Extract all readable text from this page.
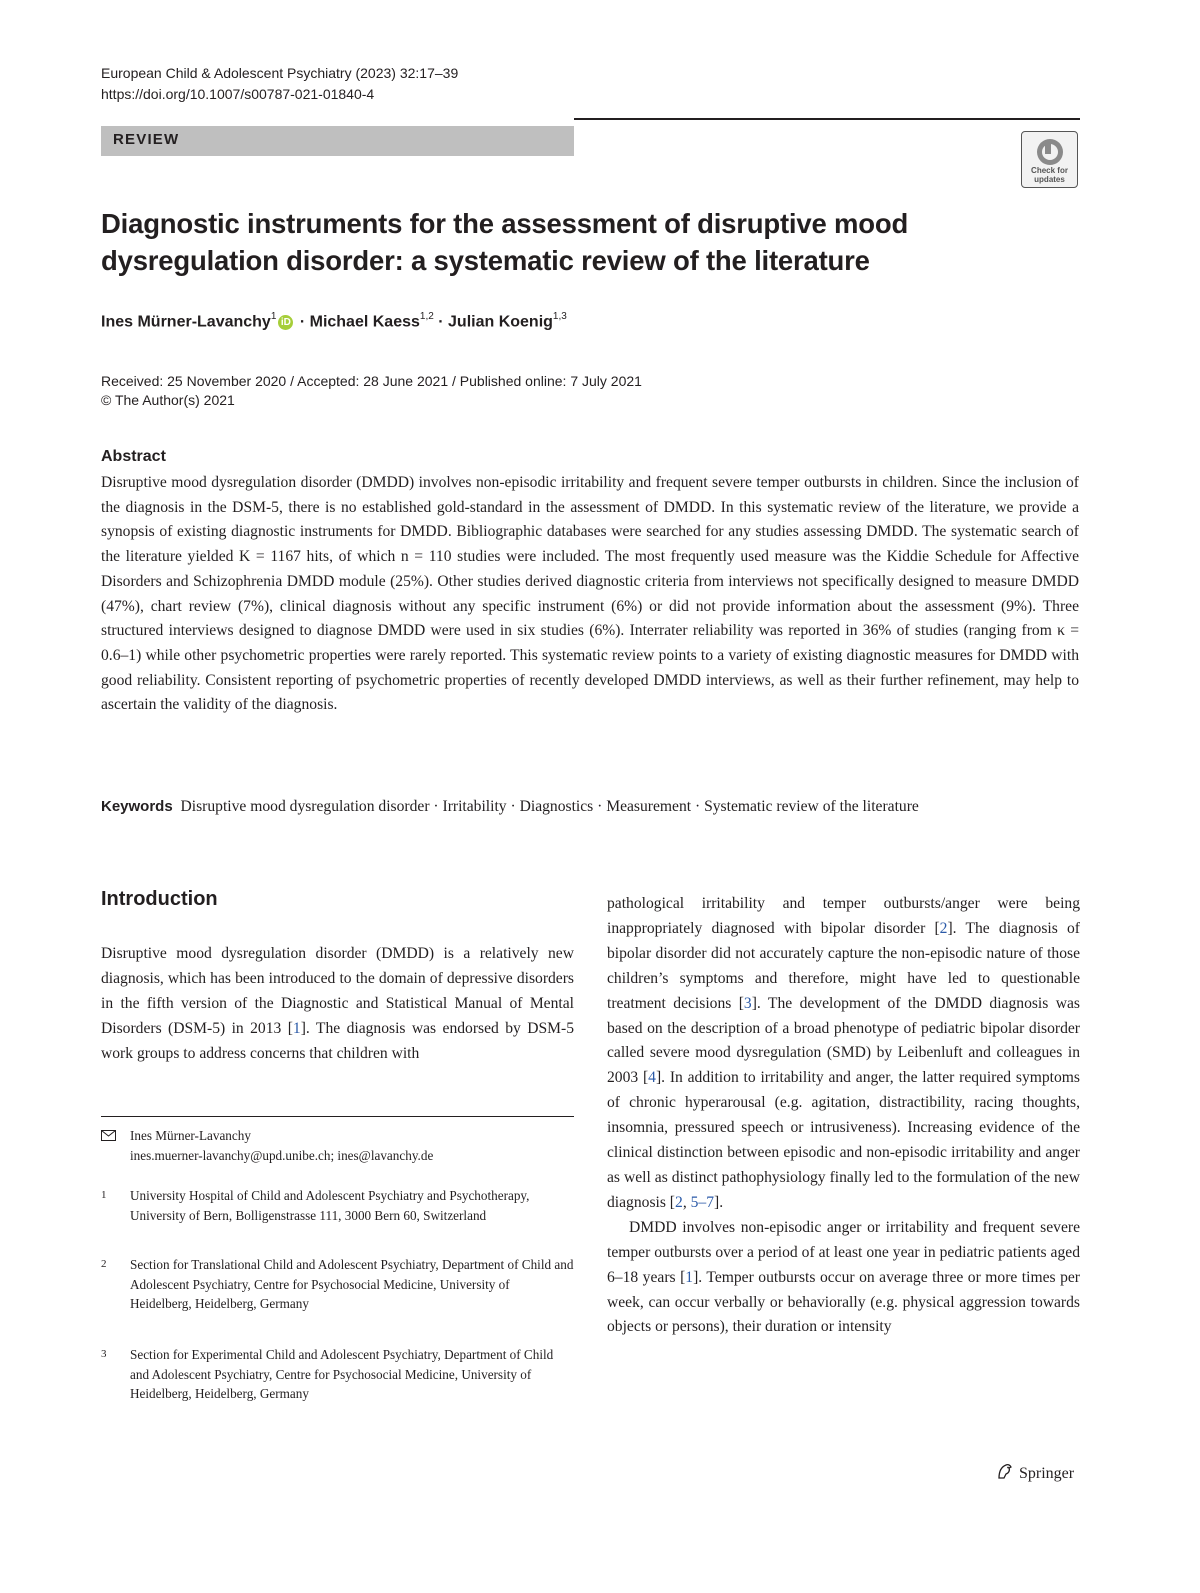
European Child & Adolescent Psychiatry (2023) 32:17–39
https://doi.org/10.1007/s00787-021-01840-4
REVIEW
Check for updates
Diagnostic instruments for the assessment of disruptive mood dysregulation disorder: a systematic review of the literature
Ines Mürner-Lavanchy$^1$iD · Michael Kaess$^{1,2}$ · Julian Koenig$^{1,3}$
Received: 25 November 2020 / Accepted: 28 June 2021 / Published online: 7 July 2021
© The Author(s) 2021
Abstract
Disruptive mood dysregulation disorder (DMDD) involves non-episodic irritability and frequent severe temper outbursts in children. Since the inclusion of the diagnosis in the DSM-5, there is no established gold-standard in the assessment of DMDD. In this systematic review of the literature, we provide a synopsis of existing diagnostic instruments for DMDD. Bibliographic databases were searched for any studies assessing DMDD. The systematic search of the literature yielded K = 1167 hits, of which n = 110 studies were included. The most frequently used measure was the Kiddie Schedule for Affective Disorders and Schizophrenia DMDD module (25%). Other studies derived diagnostic criteria from interviews not specifically designed to measure DMDD (47%), chart review (7%), clinical diagnosis without any specific instrument (6%) or did not provide information about the assessment (9%). Three structured interviews designed to diagnose DMDD were used in six studies (6%). Interrater reliability was reported in 36% of studies (ranging from κ = 0.6–1) while other psychometric properties were rarely reported. This systematic review points to a variety of existing diagnostic measures for DMDD with good reliability. Consistent reporting of psychometric properties of recently developed DMDD interviews, as well as their further refinement, may help to ascertain the validity of the diagnosis.
Keywords Disruptive mood dysregulation disorder · Irritability · Diagnostics · Measurement · Systematic review of the literature
Introduction

Disruptive mood dysregulation disorder (DMDD) is a relatively new diagnosis, which has been introduced to the domain of depressive disorders in the fifth version of the Diagnostic and Statistical Manual of Mental Disorders (DSM-5) in 2013 [1]. The diagnosis was endorsed by DSM-5 work groups to address concerns that children with

pathological irritability and temper outbursts/anger were being inappropriately diagnosed with bipolar disorder [2]. The diagnosis of bipolar disorder did not accurately capture the non-episodic nature of those children’s symptoms and therefore, might have led to questionable treatment decisions [3]. The development of the DMDD diagnosis was based on the description of a broad phenotype of pediatric bipolar disorder called severe mood dysregulation (SMD) by Leibenluft and colleagues in 2003 [4]. In addition to irritability and anger, the latter required symptoms of chronic hyperarousal (e.g. agitation, distractibility, racing thoughts, insomnia, pressured speech or intrusiveness). Increasing evidence of the clinical distinction between episodic and non-episodic irritability and anger as well as distinct pathophysiology finally led to the formulation of the new diagnosis [2, 5–7].

DMDD involves non-episodic anger or irritability and frequent severe temper outbursts over a period of at least one year in pediatric patients aged 6–18 years [1]. Temper outbursts occur on average three or more times per week, can occur verbally or behaviorally (e.g. physical aggression towards objects or persons), their duration or intensity

Ines Mürner-Lavanchy
ines.muerner-lavanchy@upd.unibe.ch; ines@lavanchy.de
1	University Hospital of Child and Adolescent Psychiatry and Psychotherapy, University of Bern, Bolligenstrasse 111, 3000 Bern 60, Switzerland
2	Section for Translational Child and Adolescent Psychiatry, Department of Child and Adolescent Psychiatry, Centre for Psychosocial Medicine, University of Heidelberg, Heidelberg, Germany
3	Section for Experimental Child and Adolescent Psychiatry, Department of Child and Adolescent Psychiatry, Centre for Psychosocial Medicine, University of Heidelberg, Heidelberg, Germany
Springer
